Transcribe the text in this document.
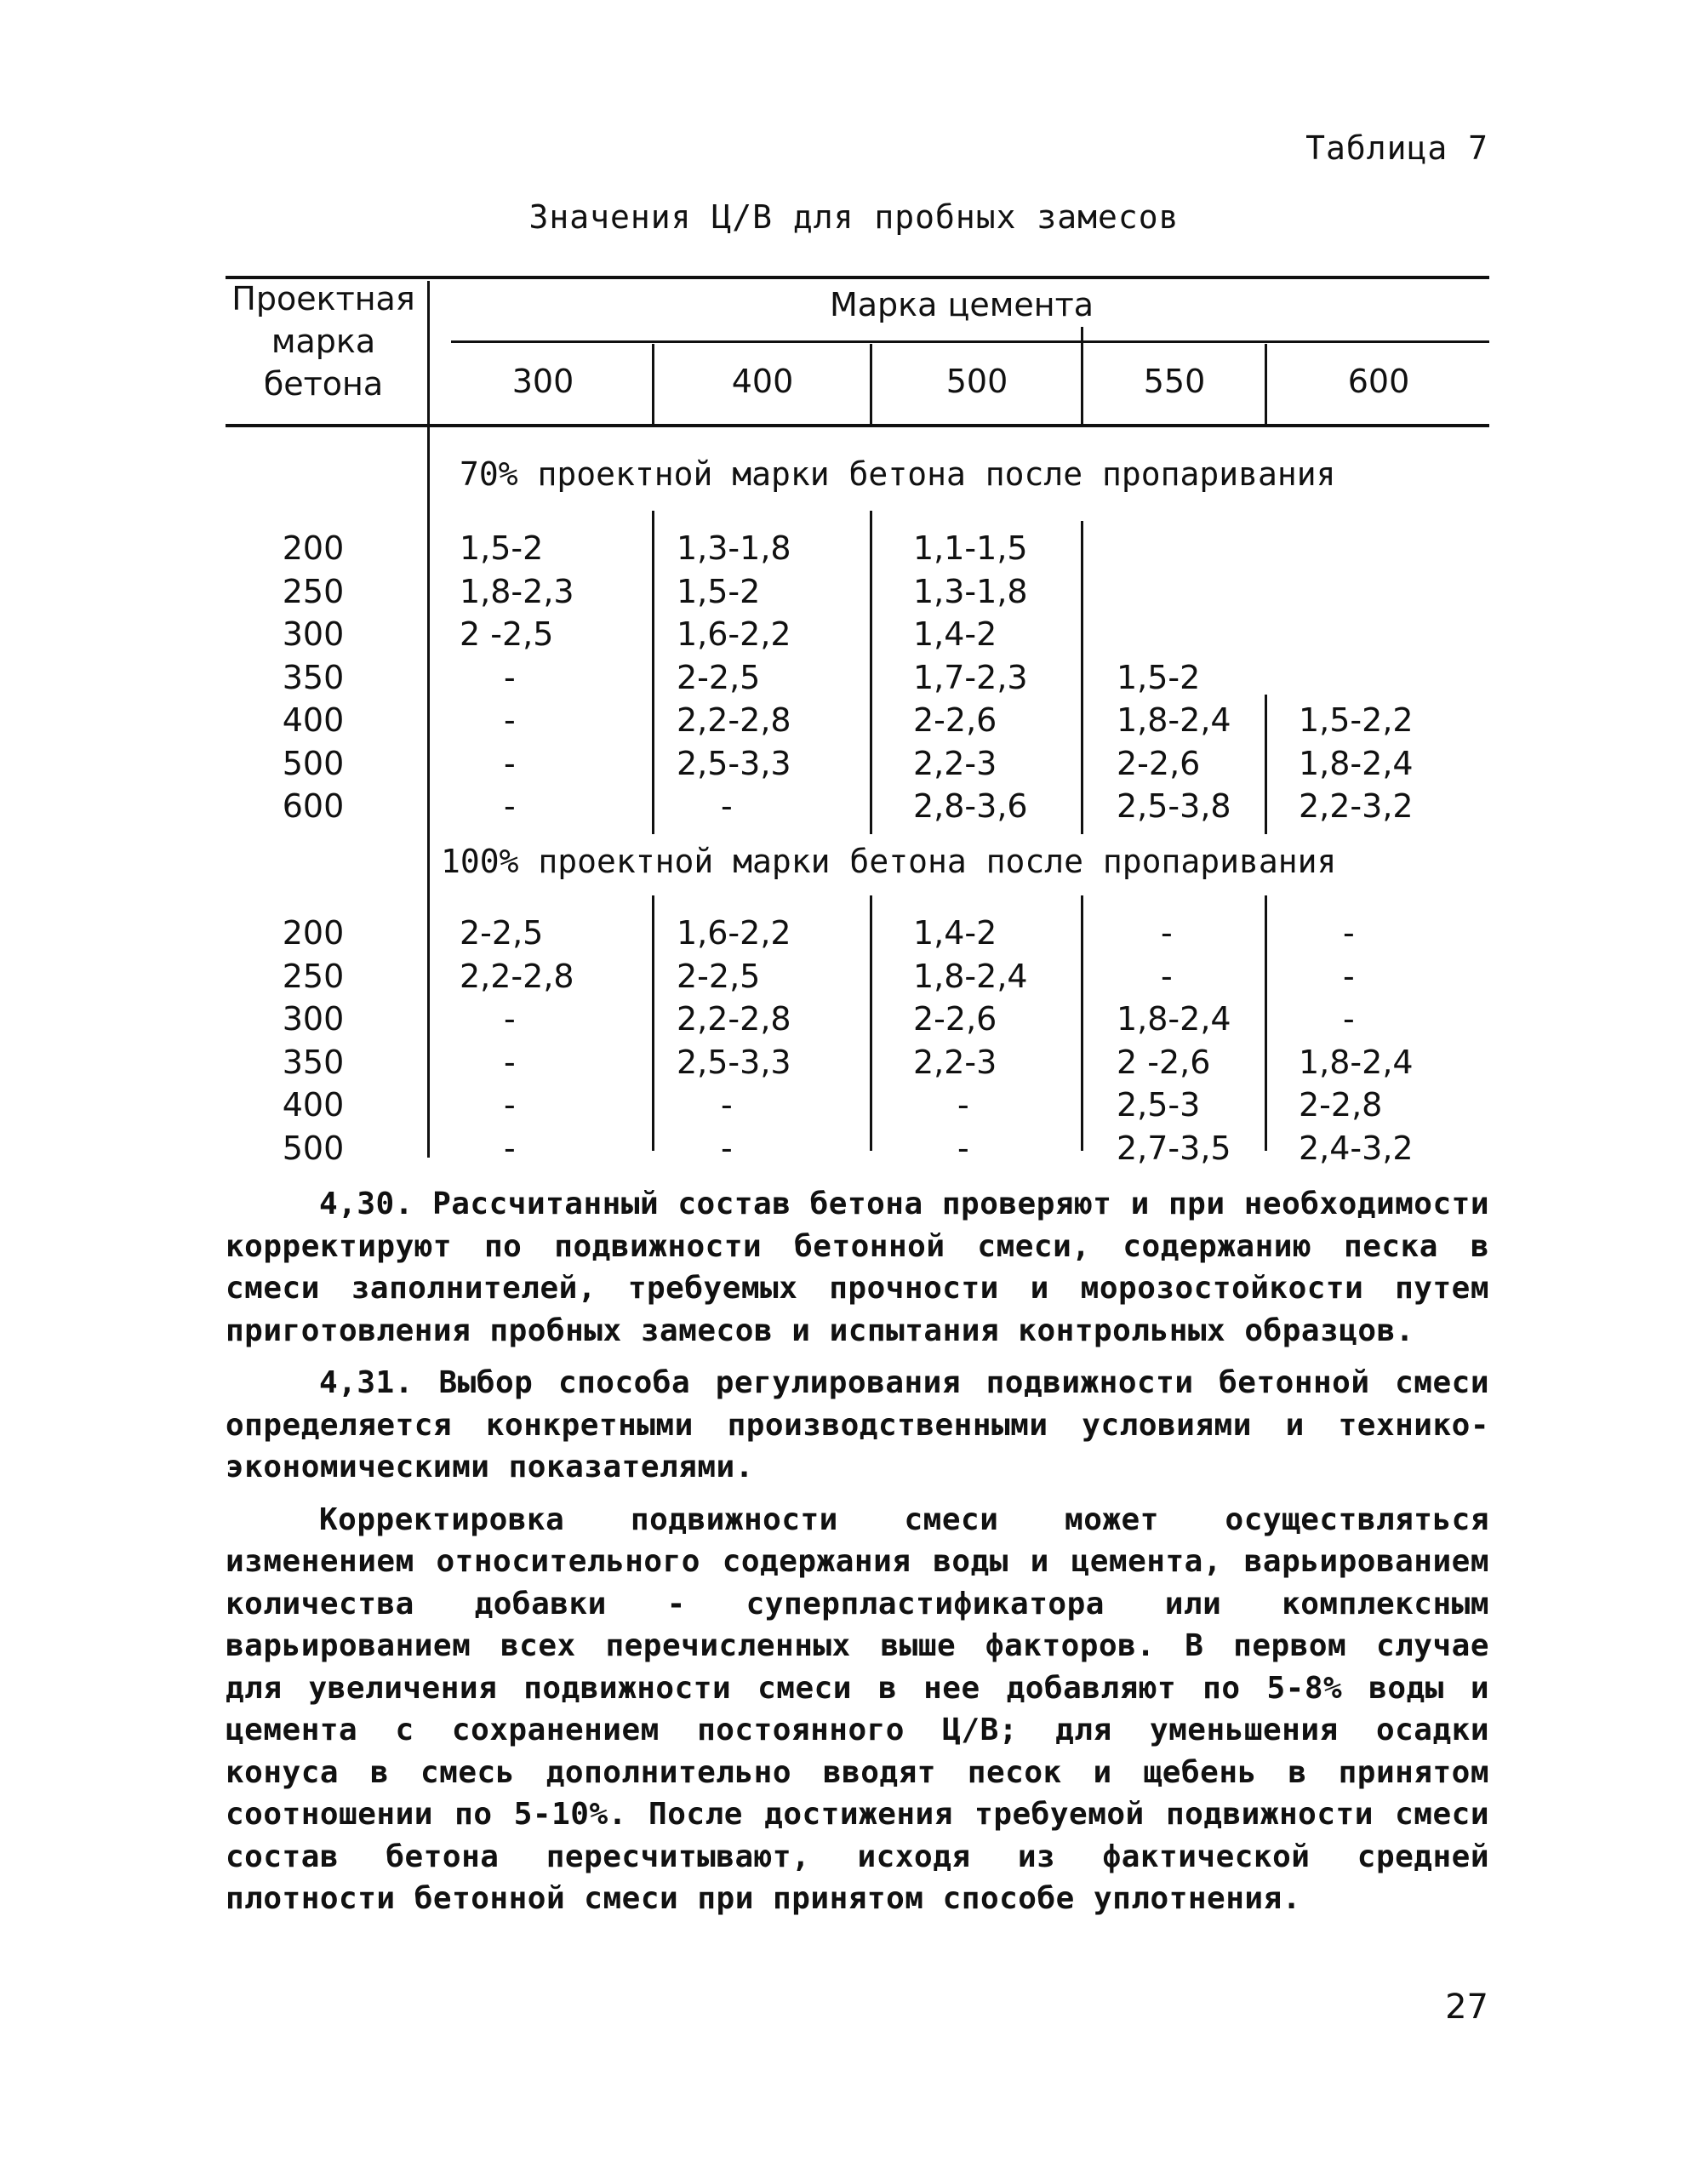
Таблица 7
Значения Ц/В для пробных замесов
Проектная марка бетона
Марка цемента
300	400	500	550	600
70% проектной марки бетона после пропаривания
200	1,5-2	1,3-1,8	1,1-1,5
250	1,8-2,3	1,5-2	1,3-1,8
300	2 -2,5	1,6-2,2	1,4-2
350	-	2-2,5	1,7-2,3	1,5-2
400	-	2,2-2,8	2-2,6	1,8-2,4 1,5-2,2
500	-	2,5-3,3	2,2-3	2-2,6	1,8-2,4
600	-	-	2,8-3,6	2,5-3,8 2,2-3,2
100% проектной марки бетона после пропаривания
200	2-2,5	1,6-2,2	1,4-2	-	-
250	2,2-2,8	2-2,5	1,8-2,4	-	-
300	-	2,2-2,8	2-2,6	1,8-2,4	-
350	-	2,5-3,3	2,2-3	2 -2,6	1,8-2,4
400	-	-	-	2,5-3	2-2,8
500	-	-	-	2,7-3,5 2,4-3,2

4,30. Рассчитанный состав бетона проверяют и при необходимости корректируют по подвижности бетонной смеси, содержанию песка в смеси заполнителей, требуемых прочности и морозостойкости путем приготовления пробных замесов и испытания контрольных образцов.

4,31. Выбор способа регулирования подвижности бетонной смеси определяется конкретными производственными условиями и технико-экономическими показателями.

Корректировка подвижности смеси может осуществляться изменением относительного содержания воды и цемента, варьированием количества добавки - суперпластификатора или комплексным варьированием всех перечисленных выше факторов. В первом случае для увеличения подвижности смеси в нее добавляют по 5-8% воды и цемента с сохранением постоянного Ц/В; для уменьшения осадки конуса в смесь дополнительно вводят песок и щебень в принятом соотношении по 5-10%. После достижения требуемой подвижности смеси состав бетона пересчитывают, исходя из фактической средней плотности бетонной смеси при принятом способе уплотнения.

27
